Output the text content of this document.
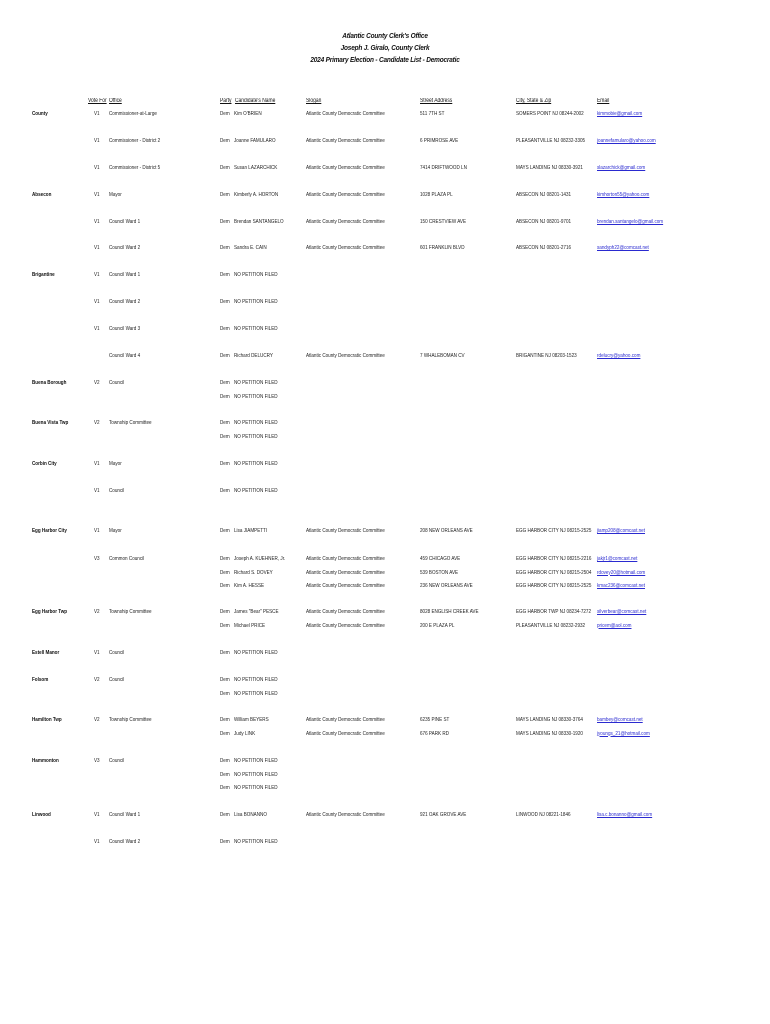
Atlantic County Clerk's Office
Joseph J. Giralo, County Clerk
2024 Primary Election - Candidate List - Democratic
Vote For Office	Party Candidate's Name	Slogan	Street Address	City, State & Zip	Email
County	V1 Commissioner-at-Large	Dem Kim O'BRIEN	Atlantic County Democratic Committee	511 7TH ST	SOMERS POINT NJ 08244-2002 kimmobie@gmail.com
V1 Commissioner - District 2	Dem Joanne FAMULARO	Atlantic County Democratic Committee	6 PRIMROSE AVE	PLEASANTVILLE NJ 08232-3305 joannefamularo@yahoo.com
V1 Commissioner - District 5	Dem Susan LAZARCHICK	Atlantic County Democratic Committee	7414 DRIFTWOOD LN	MAYS LANDING NJ 08330-3921	slazarchick@gmail.com
Absecon	V1 Mayor	Dem Kimberly A. HORTON	Atlantic County Democratic Committee	1028 PLAZA PL	ABSECON NJ 08201-1431	kimhorton55@yahoo.com
V1 Council Ward 1	Dem Brendan SANTANGELO	Atlantic County Democratic Committee	150 CRESTVIEW AVE	ABSECON NJ 08201-9701	brendan.santangelo@gmail.com
V1 Council Ward 2	Dem Sandra E. CAIN	Atlantic County Democratic Committee	601 FRANKLIN BLVD	ABSECON NJ 08201-2716	sandyph22@comcast.net
Brigantine	V1 Council Ward 1	Dem NO PETITION FILED
V1 Council Ward 2	Dem NO PETITION FILED
V1 Council Ward 3	Dem NO PETITION FILED
Council Ward 4	Dem Richard DELUCRY	Atlantic County Democratic Committee	7 WHALEBOMAN CV	BRIGANTINE NJ 08203-1523	rdelucry@yahoo.com
Buena Borough	V2 Council	Dem NO PETITION FILED
Dem NO PETITION FILED
Buena Vista Twp	V2 Township Committee	Dem NO PETITION FILED
Dem NO PETITION FILED
Corbin City	V1 Mayor	Dem NO PETITION FILED
V1 Council	Dem NO PETITION FILED
Egg Harbor City	V1 Mayor	Dem Lisa JIAMPETTI	Atlantic County Democratic Committee	208 NEW ORLEANS AVE	EGG HARBOR CITY NJ 08215-2525 jiamp208@comcast.net
V3 Common Council	Dem Joseph A. KUEHNER, Jr.	Atlantic County Democratic Committee	459 CHICAGO AVE	EGG HARBOR CITY NJ 08215-2216 jakjr1@comcast.net
Dem Richard S. DOVEY	Atlantic County Democratic Committee	539 BOSTON AVE	EGG HARBOR CITY NJ 08215-2504 rdovey20@hotmail.com
Dem Kim A. HESSE	Atlantic County Democratic Committee	236 NEW ORLEANS AVE	EGG HARBOR CITY NJ 08215-2525 kmac236@comcast.net
Egg Harbor Twp	V2 Township Committee	Dem James "Bear" PESCE	Atlantic County Democratic Committee	8028 ENGLISH CREEK AVE	EGG HARBOR TWP NJ 08234-7272 silverbear@comcast.net
Dem Michael PRICE	Atlantic County Democratic Committee	200 E PLAZA PL	PLEASANTVILLE NJ 08232-2932 pricem@aol.com
Estell Manor	V1 Council	Dem NO PETITION FILED
Folsom	V2 Council	Dem NO PETITION FILED
Dem NO PETITION FILED
Hamilton Twp	V2 Township Committee	Dem William BEYERS	Atlantic County Democratic Committee	6235 PINE ST	MAYS LANDING NJ 08330-3764	bambey@comcast.net
Dem Judy LINK	Atlantic County Democratic Committee	676 PARK RD	MAYS LANDING NJ 08330-1920	jyoungs_21@hotmail.com
Hammonton	V3 Council	Dem NO PETITION FILED
Dem NO PETITION FILED
Dem NO PETITION FILED
Linwood	V1 Council Ward 1	Dem Lisa BONANNO	Atlantic County Democratic Committee	921 OAK GROVE AVE	LINWOOD NJ 08221-1846	lisa.c.bonanno@gmail.com
V1 Council Ward 2	Dem NO PETITION FILED
